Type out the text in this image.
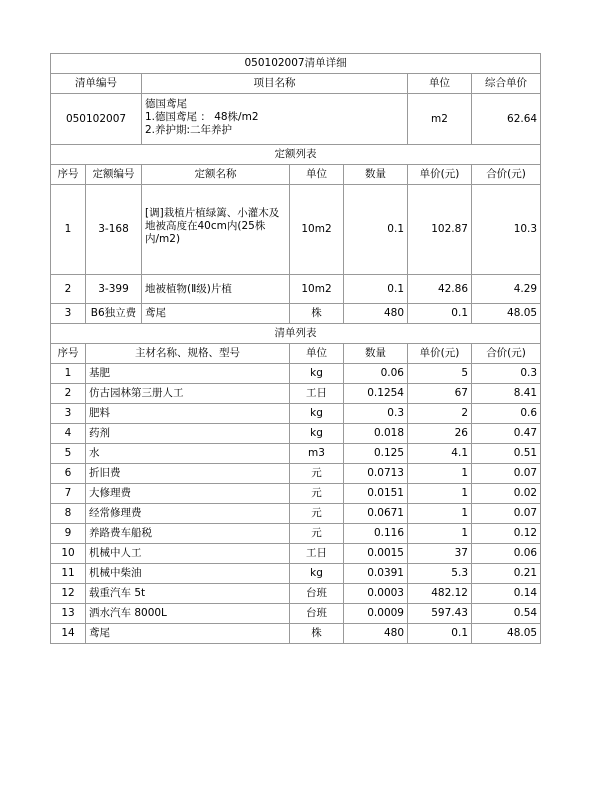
050102007清单详细						
清单编号		项目名称			单位	综合单价
050102007		德国鸢尾
1.德国鸢尾 ： 48株/m2
2.养护期:二年养护			m2	62.64
定额列表						
序号	定额编号	定额名称	单位	数量	单价(元)	合价(元)
1	3-168	[调]栽植片植绿篱、小灌木及地被高度在40cm内(25株内/m2)	10m2	0.1	102.87	10.3
2	3-399	地被植物(Ⅱ级)片植	10m2	0.1	42.86	4.29
3	B6独立费	鸢尾	株	480	0.1	48.05
清单列表						
序号	主材名称、规格、型号		单位	数量	单价(元)	合价(元)
1	基肥		kg	0.06	5	0.3
2	仿古园林第三册人工		工日	0.1254	67	8.41
3	肥料		kg	0.3	2	0.6
4	药剂		kg	0.018	26	0.47
5	水		m3	0.125	4.1	0.51
6	折旧费		元	0.0713	1	0.07
7	大修理费		元	0.0151	1	0.02
8	经常修理费		元	0.0671	1	0.07
9	养路费车船税		元	0.116	1	0.12
10	机械中人工		工日	0.0015	37	0.06
11	机械中柴油		kg	0.0391	5.3	0.21
12	载重汽车 5t		台班	0.0003	482.12	0.14
13	洒水汽车 8000L		台班	0.0009	597.43	0.54
14	鸢尾		株	480	0.1	48.05
